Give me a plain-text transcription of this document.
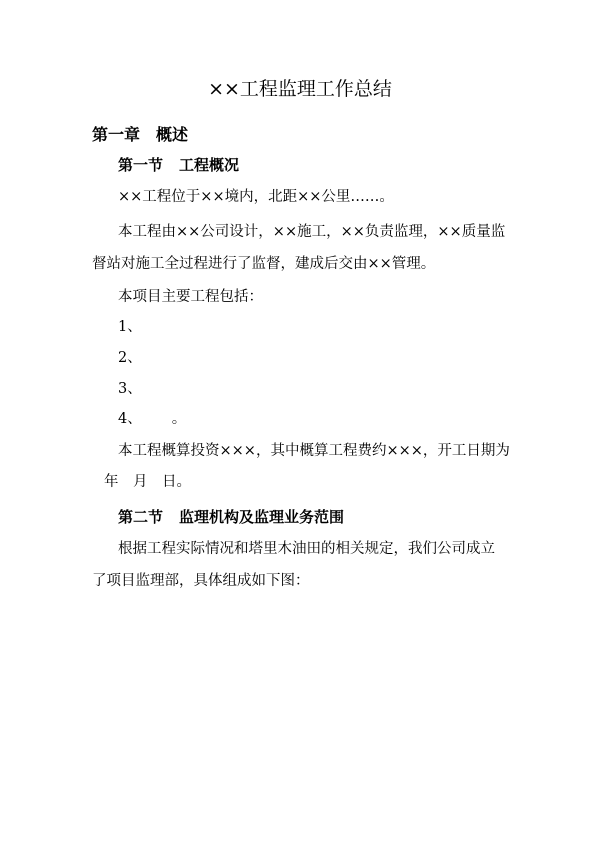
××工程监理工作总结
第一章 概述
第一节 工程概况
××工程位于××境内，北距××公里……。
本工程由××公司设计，××施工，××负责监理，××质量监
督站对施工全过程进行了监督，建成后交由××管理。
本项目主要工程包括：
1、
2、
3、
4、 。
本工程概算投资×××，其中概算工程费约×××，开工日期为
年　月　日。
第二节 监理机构及监理业务范围
根据工程实际情况和塔里木油田的相关规定，我们公司成立
了项目监理部，具体组成如下图：
